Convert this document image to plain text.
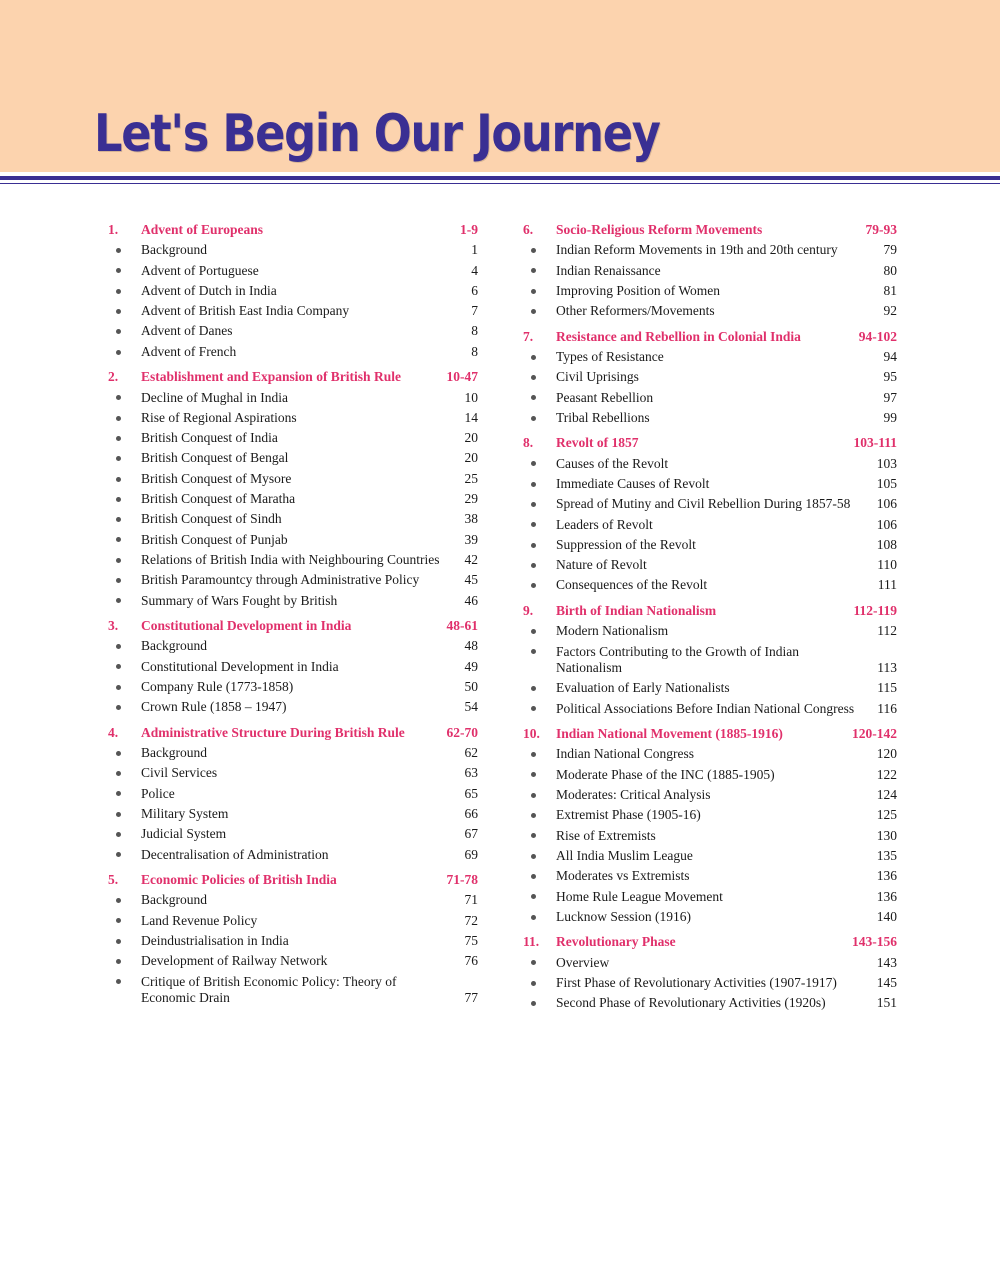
Let's Begin Our Journey
1.	Advent of Europeans	1-9
Background	1
Advent of Portuguese	4
Advent of Dutch in India	6
Advent of British East India Company	7
Advent of Danes	8
Advent of French	8
2.	Establishment and Expansion of British Rule	10-47
Decline of Mughal in India	10
Rise of Regional Aspirations	14
British Conquest of India	20
British Conquest of Bengal	20
British Conquest of Mysore	25
British Conquest of Maratha	29
British Conquest of Sindh	38
British Conquest of Punjab	39
Relations of British India with Neighbouring Countries	42
British Paramountcy through Administrative Policy	45
Summary of Wars Fought by British	46
3.	Constitutional Development in India	48-61
Background	48
Constitutional Development in India	49
Company Rule (1773-1858)	50
Crown Rule (1858 – 1947)	54
4.	Administrative Structure During British Rule	62-70
Background	62
Civil Services	63
Police	65
Military System	66
Judicial System	67
Decentralisation of Administration	69
5.	Economic Policies of British India	71-78
Background	71
Land Revenue Policy	72
Deindustrialisation in India	75
Development of Railway Network	76
Critique of British Economic Policy: Theory of Economic Drain	77
6.	Socio-Religious Reform Movements	79-93
Indian Reform Movements in 19th and 20th century	79
Indian Renaissance	80
Improving Position of Women	81
Other Reformers/Movements	92
7.	Resistance and Rebellion in Colonial India	94-102
Types of Resistance	94
Civil Uprisings	95
Peasant Rebellion	97
Tribal Rebellions	99
8.	Revolt of 1857	103-111
Causes of the Revolt	103
Immediate Causes of Revolt	105
Spread of Mutiny and Civil Rebellion During 1857-58	106
Leaders of Revolt	106
Suppression of the Revolt	108
Nature of Revolt	110
Consequences of the Revolt	111
9.	Birth of Indian Nationalism	112-119
Modern Nationalism	112
Factors Contributing to the Growth of Indian Nationalism	113
Evaluation of Early Nationalists	115
Political Associations Before Indian National Congress	116
10.	Indian National Movement (1885-1916)	120-142
Indian National Congress	120
Moderate Phase of the INC (1885-1905)	122
Moderates: Critical Analysis	124
Extremist Phase (1905-16)	125
Rise of Extremists	130
All India Muslim League	135
Moderates vs Extremists	136
Home Rule League Movement	136
Lucknow Session (1916)	140
11.	Revolutionary Phase	143-156
Overview	143
First Phase of Revolutionary Activities (1907-1917)	145
Second Phase of Revolutionary Activities (1920s)	151
